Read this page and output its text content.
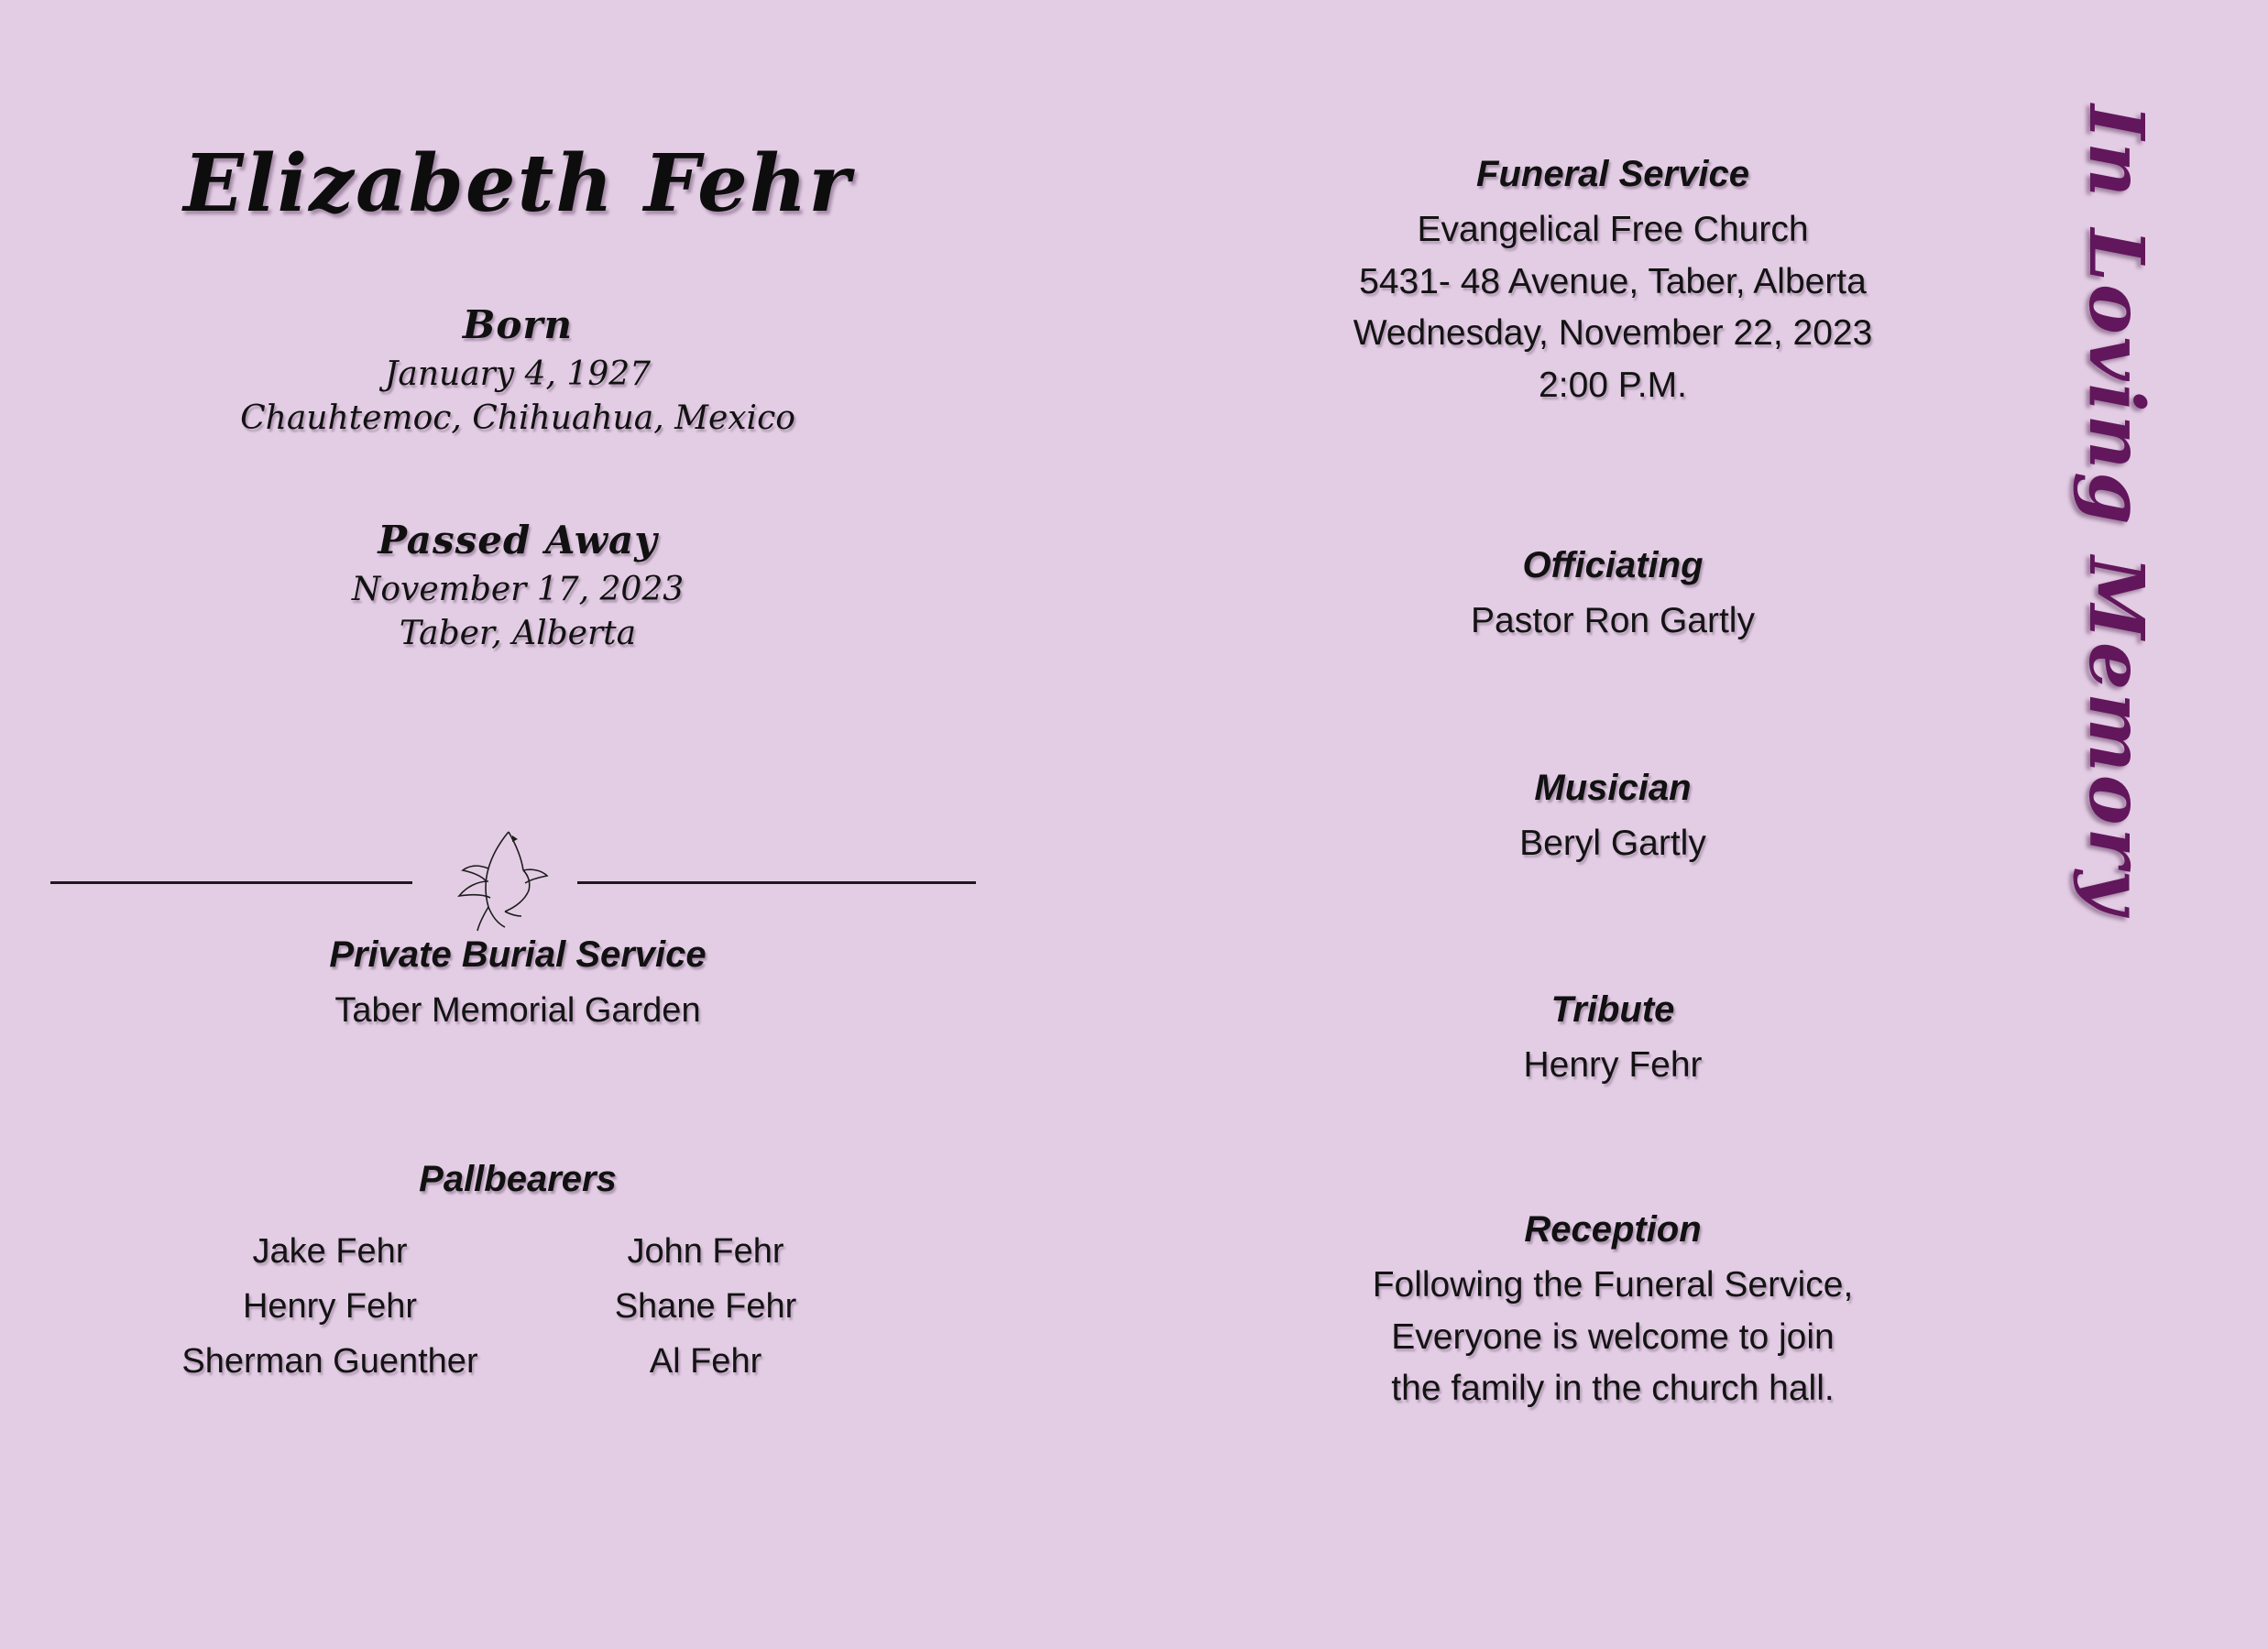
Elizabeth Fehr
Born
January 4, 1927
Chauhtemoc, Chihuahua, Mexico
Passed Away
November 17, 2023
Taber, Alberta
Private Burial Service
Taber Memorial Garden
Pallbearers
Jake Fehr	John Fehr
Henry Fehr	Shane Fehr
Sherman Guenther	Al Fehr
Funeral Service
Evangelical Free Church
5431- 48 Avenue, Taber, Alberta
Wednesday, November 22, 2023
2:00 P.M.
Officiating
Pastor Ron Gartly
Musician
Beryl Gartly
Tribute
Henry Fehr
Reception
Following the Funeral Service,
Everyone is welcome to join
the family in the church hall.
In Loving Memory
